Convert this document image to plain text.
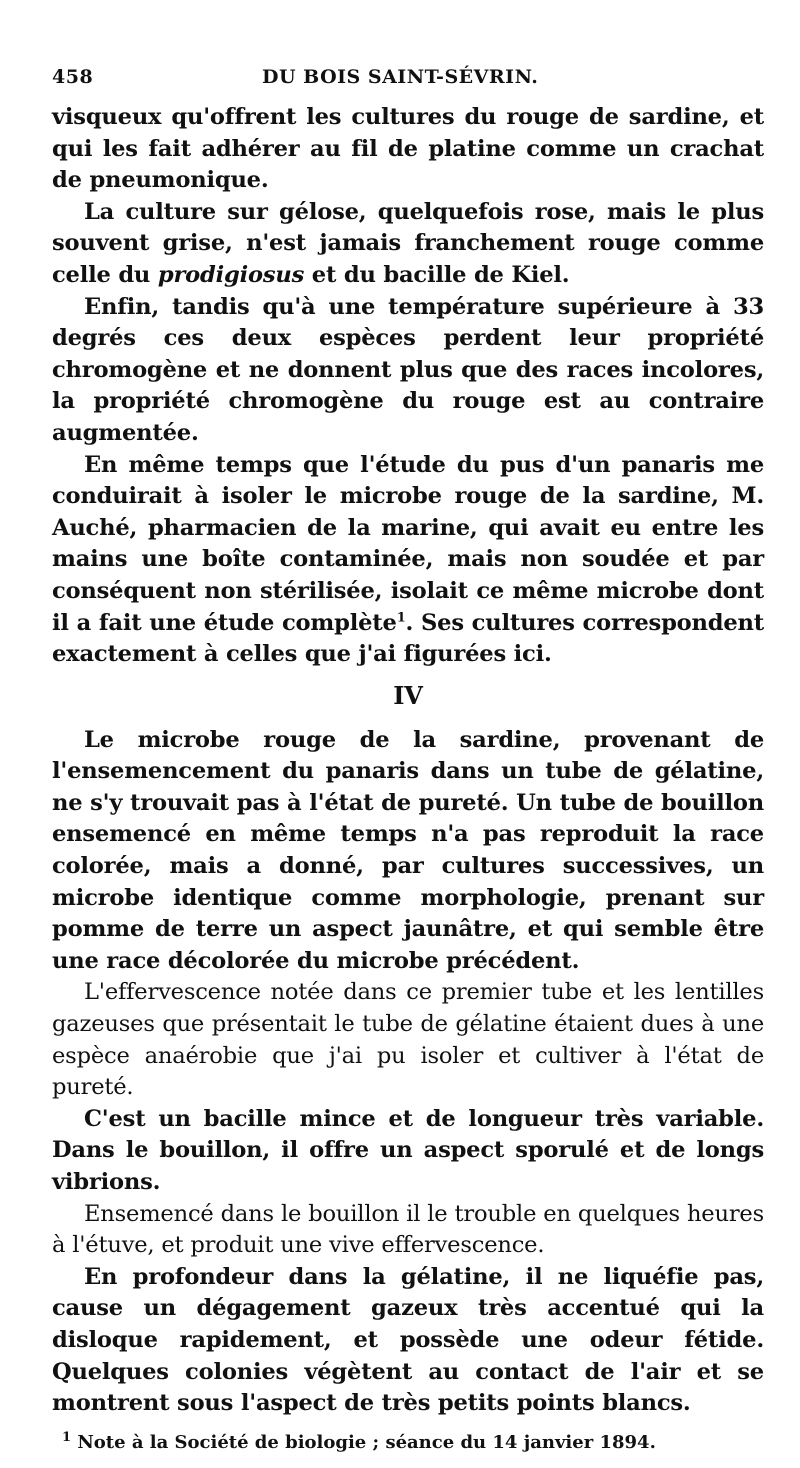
458	DU BOIS SAINT-SÉVRIN.

visqueux qu'offrent les cultures du rouge de sardine, et qui les fait adhérer au fil de platine comme un crachat de pneumonique.

La culture sur gélose, quelquefois rose, mais le plus souvent grise, n'est jamais franchement rouge comme celle du prodigiosus et du bacille de Kiel.

Enfin, tandis qu'à une température supérieure à 33 degrés ces deux espèces perdent leur propriété chromogène et ne donnent plus que des races incolores, la propriété chromogène du rouge est au contraire augmentée.

En même temps que l'étude du pus d'un panaris me conduirait à isoler le microbe rouge de la sardine, M. Auché, pharmacien de la marine, qui avait eu entre les mains une boîte contaminée, mais non soudée et par conséquent non stérilisée, isolait ce même microbe dont il a fait une étude complète$^1$. Ses cultures correspondent exactement à celles que j'ai figurées ici.

IV

Le microbe rouge de la sardine, provenant de l'ensemencement du panaris dans un tube de gélatine, ne s'y trouvait pas à l'état de pureté. Un tube de bouillon ensemencé en même temps n'a pas reproduit la race colorée, mais a donné, par cultures successives, un microbe identique comme morphologie, prenant sur pomme de terre un aspect jaunâtre, et qui semble être une race décolorée du microbe précédent.

L'effervescence notée dans ce premier tube et les lentilles gazeuses que présentait le tube de gélatine étaient dues à une espèce anaérobie que j'ai pu isoler et cultiver à l'état de pureté.

C'est un bacille mince et de longueur très variable. Dans le bouillon, il offre un aspect sporulé et de longs vibrions.

Ensemencé dans le bouillon il le trouble en quelques heures à l'étuve, et produit une vive effervescence.

En profondeur dans la gélatine, il ne liquéfie pas, cause un dégagement gazeux très accentué qui la disloque rapidement, et possède une odeur fétide. Quelques colonies végètent au contact de l'air et se montrent sous l'aspect de très petits points blancs.

$^1$ Note à la Société de biologie ; séance du 14 janvier 1894.
